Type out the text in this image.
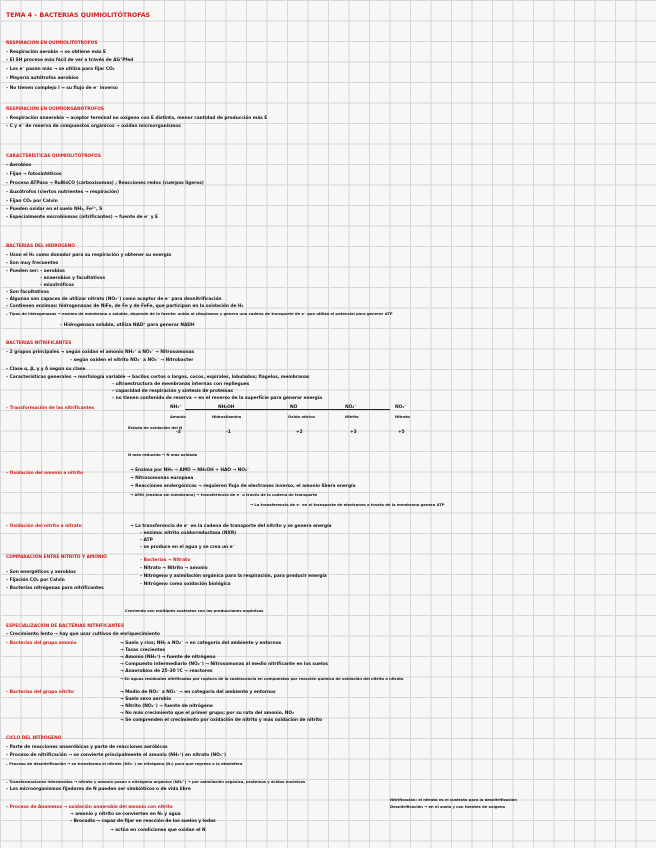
TEMA 4 – BACTERIAS QUIMIOLITÓTROFAS
RESPIRACIÓN EN QUIMIOLITÓTROFOS
– Respiración aerobia → se obtiene más E
– El SH proceso más fácil de ver a través de ΔG°Pfed
– Los e⁻ pasan más → se utiliza para fijar CO₂
– Mayoría autótrofos aerobios
– No tienen complejo I → su flujo de e⁻ inverso
RESPIRACIÓN EN QUIMIORGANÓTROFOS
– Respiración anaerobia → aceptor terminal no oxígeno con E distinta, menor cantidad de producción más E
– C y e⁻ de reserva de compuestos orgánicos → oxidan microorganismos
CARACTERÍSTICAS QUIMIOLITÓTROFOS
– Aerobios
– Fijan → fotosintéticos
– Proceso ATPasa → RuBisCO (carboxisomas) ; Reacciones redox (cuerpos ligeros)
– Auxótrofos (ciertos nutrientes → respiración)
– Fijan CO₂ por Calvin
– Pueden oxidar en el suelo NH₃, Fe²⁺, S
– Especialmente microbiomas (nitrificantes) → fuente de e⁻ y E
BACTERIAS DEL HIDRÓGENO
– Usan el H₂ como donador para su respiración y obtener su energía
– Son muy frecuentes
– Pueden ser: – aerobios
– anaerobios y facultativos
– mixotróficos
– Son facultativos
– Algunas son capaces de utilizar nitrato (NO₃⁻) como aceptor de e⁻ para desnitrificación
– Contienen enzimas: hidrogenasas de NiFe, de Fe y de FeFe, que participan en la oxidación de H₂
– Tipos de hidrogenasas → enzima de membrana o soluble, depende de la fuente: unida al citoplasma y genera una cadena de transporte de e⁻ que utiliza el potencial para generar ATP
– Hidrogenasa soluble, utiliza NAD⁺ para generar NADH
BACTERIAS NITRIFICANTES
– 2 grupos principales → según oxidan el amonio NH₄⁺ a NO₂⁻ → Nitrosomonas
– según oxiden el nitrito NO₂⁻ a NO₃⁻ → Nitrobacter
– Clase α, β, γ y δ según su clase
– Características generales → morfología variable → bacilos cortos o largos, cocos, espirales, lobulados; flagelos, membranas
– ultraestructura de membranas internas con repliegues
– capacidad de respiración y síntesis de proteínas
– no tienen contenido de reserva → en el reverso de la superficie para generar energía
– Transformación de las nitrificantes	NH₄⁺	NH₂OH	NO	NO₂⁻	NO₃⁻
Amonio	Hidroxilamina	Óxido nítrico	Nitrito	Nitrato
Estado de oxidación del N
-3	-1	+2	+3	+5
N más reducido → N más oxidado
– Oxidación del amonio a nitrito
→ Enzima por NH₃ → AMO → NH₂OH + HAO → NO₂⁻
→ Nitrosomonas europaea
→ Reacciones endergónicas → requieren flujo de electrones inverso, el amonio libera energía
→ AMO (enzima sin membrana) → transferencia de e⁻ a través de la cadena de transporte
→ La transferencia de e⁻ en el transporte de electrones a través de la membrana genera ATP
– Oxidación del nitrito a nitrato	→ La transferencia de e⁻ en la cadena de transporte del nitrito y se genera energía
– enzima: nitrito oxidorreductasa (NXR)
– ATP
– se produce en el agua y se crea un e⁻
COMPARACIÓN ENTRE NITRITO Y AMONIO
– Son energéticos y aerobios
– Fijación CO₂ por Calvin
– Bacterias nitrógenas para nitrificantes
– Bacterias → Nitrato
– Nitrato → Nitrito → amonio
– Nitrógeno y asimilación orgánica para la respiración, para producir energía
– Nitrógeno como oxidación biológica
Creciendo con múltiples sustratos con las producciones orgánicas
ESPECIALIZACIÓN DE BACTERIAS NITRIFICANTES
– Crecimiento lento → hay que usar cultivos de enriquecimiento
– Bacterias del grupo amonio	→ Suelo y ríos; NH₃ a NO₂⁻ → en categoría del ambiente y entornos
→ Tasas crecientes
→ Amonio (NH₄⁺) → fuente de nitrógeno
→ Compuesto intermediario (NO₂⁻) → Nitrosomonas al medio nitrificante en los suelos
→ Anaerobios de 25–30 ºC → reactores
→ En aguas residuales nitrificados por ruptura de la coalescencia en compuestos por reacción química de oxidación del nitrito a nitrato
– Bacterias del grupo nitrito	→ Medio de NO₂⁻ a NO₃⁻ → en categoría del ambiente y entornos
→ Suelo seco aerobio
→ Nitrito (NO₂⁻) → fuente de nitrógeno
→ No más crecimiento que el primer grupo; por su ruta del amonio, NO₂
→ Se comprenden el crecimiento por oxidación de nitrito y más oxidación de nitrito
CICLO DEL NITRÓGENO
– Parte de reacciones anaeróbicas y parte de reacciones aeróbicas
– Proceso de nitrificación → se convierte principalmente el amonio (NH₄⁺) en nitrato (NO₃⁻)
– Proceso de desnitrificación → se transforma el nitrato (NO₃⁻) en nitrógeno (N₂) para que regrese a la atmósfera
– Transformaciones intermedias → nitrato y amonio pasan a nitrógeno orgánico (NH₄⁺) → por asimilación orgánica, proteínas y ácidos nucleicos
– Los microorganismos fijadores de N pueden ser simbióticos o de vida libre
– Proceso de Anammox → oxidación anaerobia del amonio con nitrito
→ amonio y nitrito se convierten en N₂ y agua
– Brocadia → capaz de fijar en reacción de los suelos y lodos
→ actúa en condiciones que oxidan el N
Nitrificación: el nitrato es el sustrato para la desnitrificación
Desnitrificación → en el suelo y con fuentes de oxígeno
